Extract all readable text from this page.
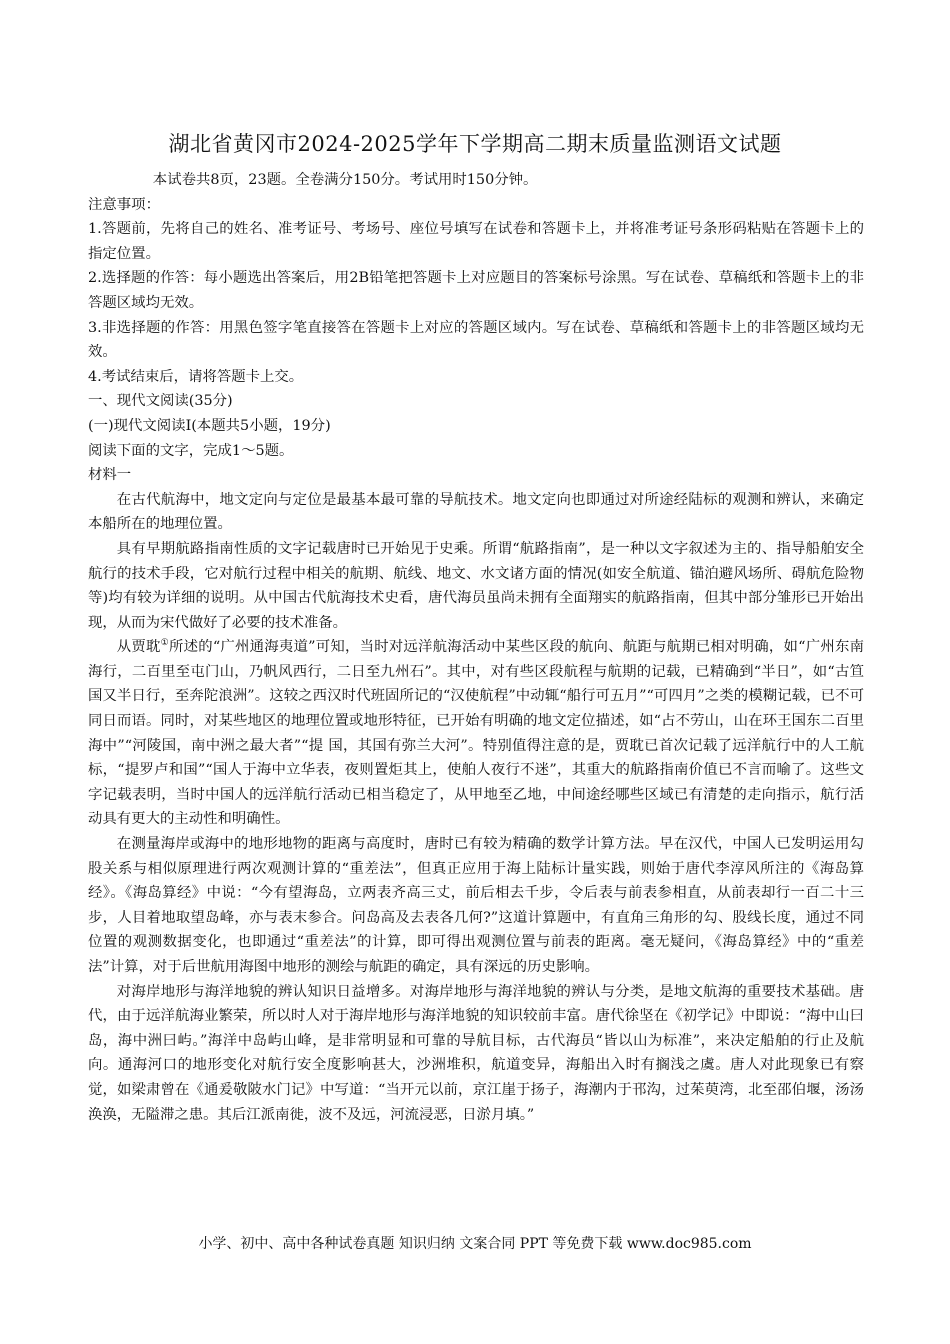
湖北省黄冈市2024-2025学年下学期高二期末质量监测语文试题

本试卷共8页，23题。全卷满分150分。考试用时150分钟。

注意事项：

1.答题前，先将自己的姓名、准考证号、考场号、座位号填写在试卷和答题卡上，并将准考证号条形码粘贴在答题卡上的指定位置。

2.选择题的作答：每小题选出答案后，用2B铅笔把答题卡上对应题目的答案标号涂黑。写在试卷、草稿纸和答题卡上的非答题区域均无效。

3.非选择题的作答：用黑色签字笔直接答在答题卡上对应的答题区域内。写在试卷、草稿纸和答题卡上的非答题区域均无效。

4.考试结束后，请将答题卡上交。

一、现代文阅读(35分)

(一)现代文阅读Ⅰ(本题共5小题，19分)

阅读下面的文字，完成1～5题。

材料一

在古代航海中，地文定向与定位是最基本最可靠的导航技术。地文定向也即通过对所途经陆标的观测和辨认，来确定本船所在的地理位置。

具有早期航路指南性质的文字记载唐时已开始见于史乘。所谓“航路指南”，是一种以文字叙述为主的、指导船舶安全航行的技术手段，它对航行过程中相关的航期、航线、地文、水文诸方面的情况(如安全航道、锚泊避风场所、碍航危险物等)均有较为详细的说明。从中国古代航海技术史看，唐代海员虽尚未拥有全面翔实的航路指南，但其中部分雏形已开始出现，从而为宋代做好了必要的技术准备。

从贾耽①所述的“广州通海夷道”可知，当时对远洋航海活动中某些区段的航向、航距与航期已相对明确，如“广州东南海行，二百里至屯门山，乃帆风西行，二日至九州石”。其中，对有些区段航程与航期的记载，已精确到“半日”，如“古笪国又半日行，至奔陀浪洲”。这较之西汉时代班固所记的“汉使航程”中动辄“船行可五月”“可四月”之类的模糊记载，已不可同日而语。同时，对某些地区的地理位置或地形特征，已开始有明确的地文定位描述，如“占不劳山，山在环王国东二百里海中”“河陵国，南中洲之最大者”“提 国，其国有弥兰大河”。特别值得注意的是，贾耽已首次记载了远洋航行中的人工航标，“提罗卢和国”“国人于海中立华表，夜则置炬其上，使舶人夜行不迷”，其重大的航路指南价值已不言而喻了。这些文字记载表明，当时中国人的远洋航行活动已相当稳定了，从甲地至乙地，中间途经哪些区域已有清楚的走向指示，航行活动具有更大的主动性和明确性。

在测量海岸或海中的地形地物的距离与高度时，唐时已有较为精确的数学计算方法。早在汉代，中国人已发明运用勾股关系与相似原理进行两次观测计算的“重差法”，但真正应用于海上陆标计量实践，则始于唐代李淳风所注的《海岛算经》。《海岛算经》中说：“今有望海岛，立两表齐高三丈，前后相去千步，令后表与前表参相直，从前表却行一百二十三步，人目着地取望岛峰，亦与表末参合。问岛高及去表各几何?”这道计算题中，有直角三角形的勾、股线长度，通过不同位置的观测数据变化，也即通过“重差法”的计算，即可得出观测位置与前表的距离。毫无疑问，《海岛算经》中的“重差法”计算，对于后世航用海图中地形的测绘与航距的确定，具有深远的历史影响。

对海岸地形与海洋地貌的辨认知识日益增多。对海岸地形与海洋地貌的辨认与分类，是地文航海的重要技术基础。唐代，由于远洋航海业繁荣，所以时人对于海岸地形与海洋地貌的知识较前丰富。唐代徐坚在《初学记》中即说：“海中山曰岛，海中洲曰屿。”海洋中岛屿山峰，是非常明显和可靠的导航目标，古代海员“皆以山为标准”，来决定船舶的行止及航向。通海河口的地形变化对航行安全度影响甚大，沙洲堆积，航道变异，海船出入时有搁浅之虞。唐人对此现象已有察觉，如梁肃曾在《通爰敬陂水门记》中写道：“当开元以前，京江崖于扬子，海潮内于邗沟，过茱萸湾，北至邵伯堰，汤汤涣涣，无隘滞之患。其后江派南徙，波不及远，河流浸恶，日淤月填。”

小学、初中、高中各种试卷真题 知识归纳 文案合同 PPT 等免费下载 www.doc985.com
